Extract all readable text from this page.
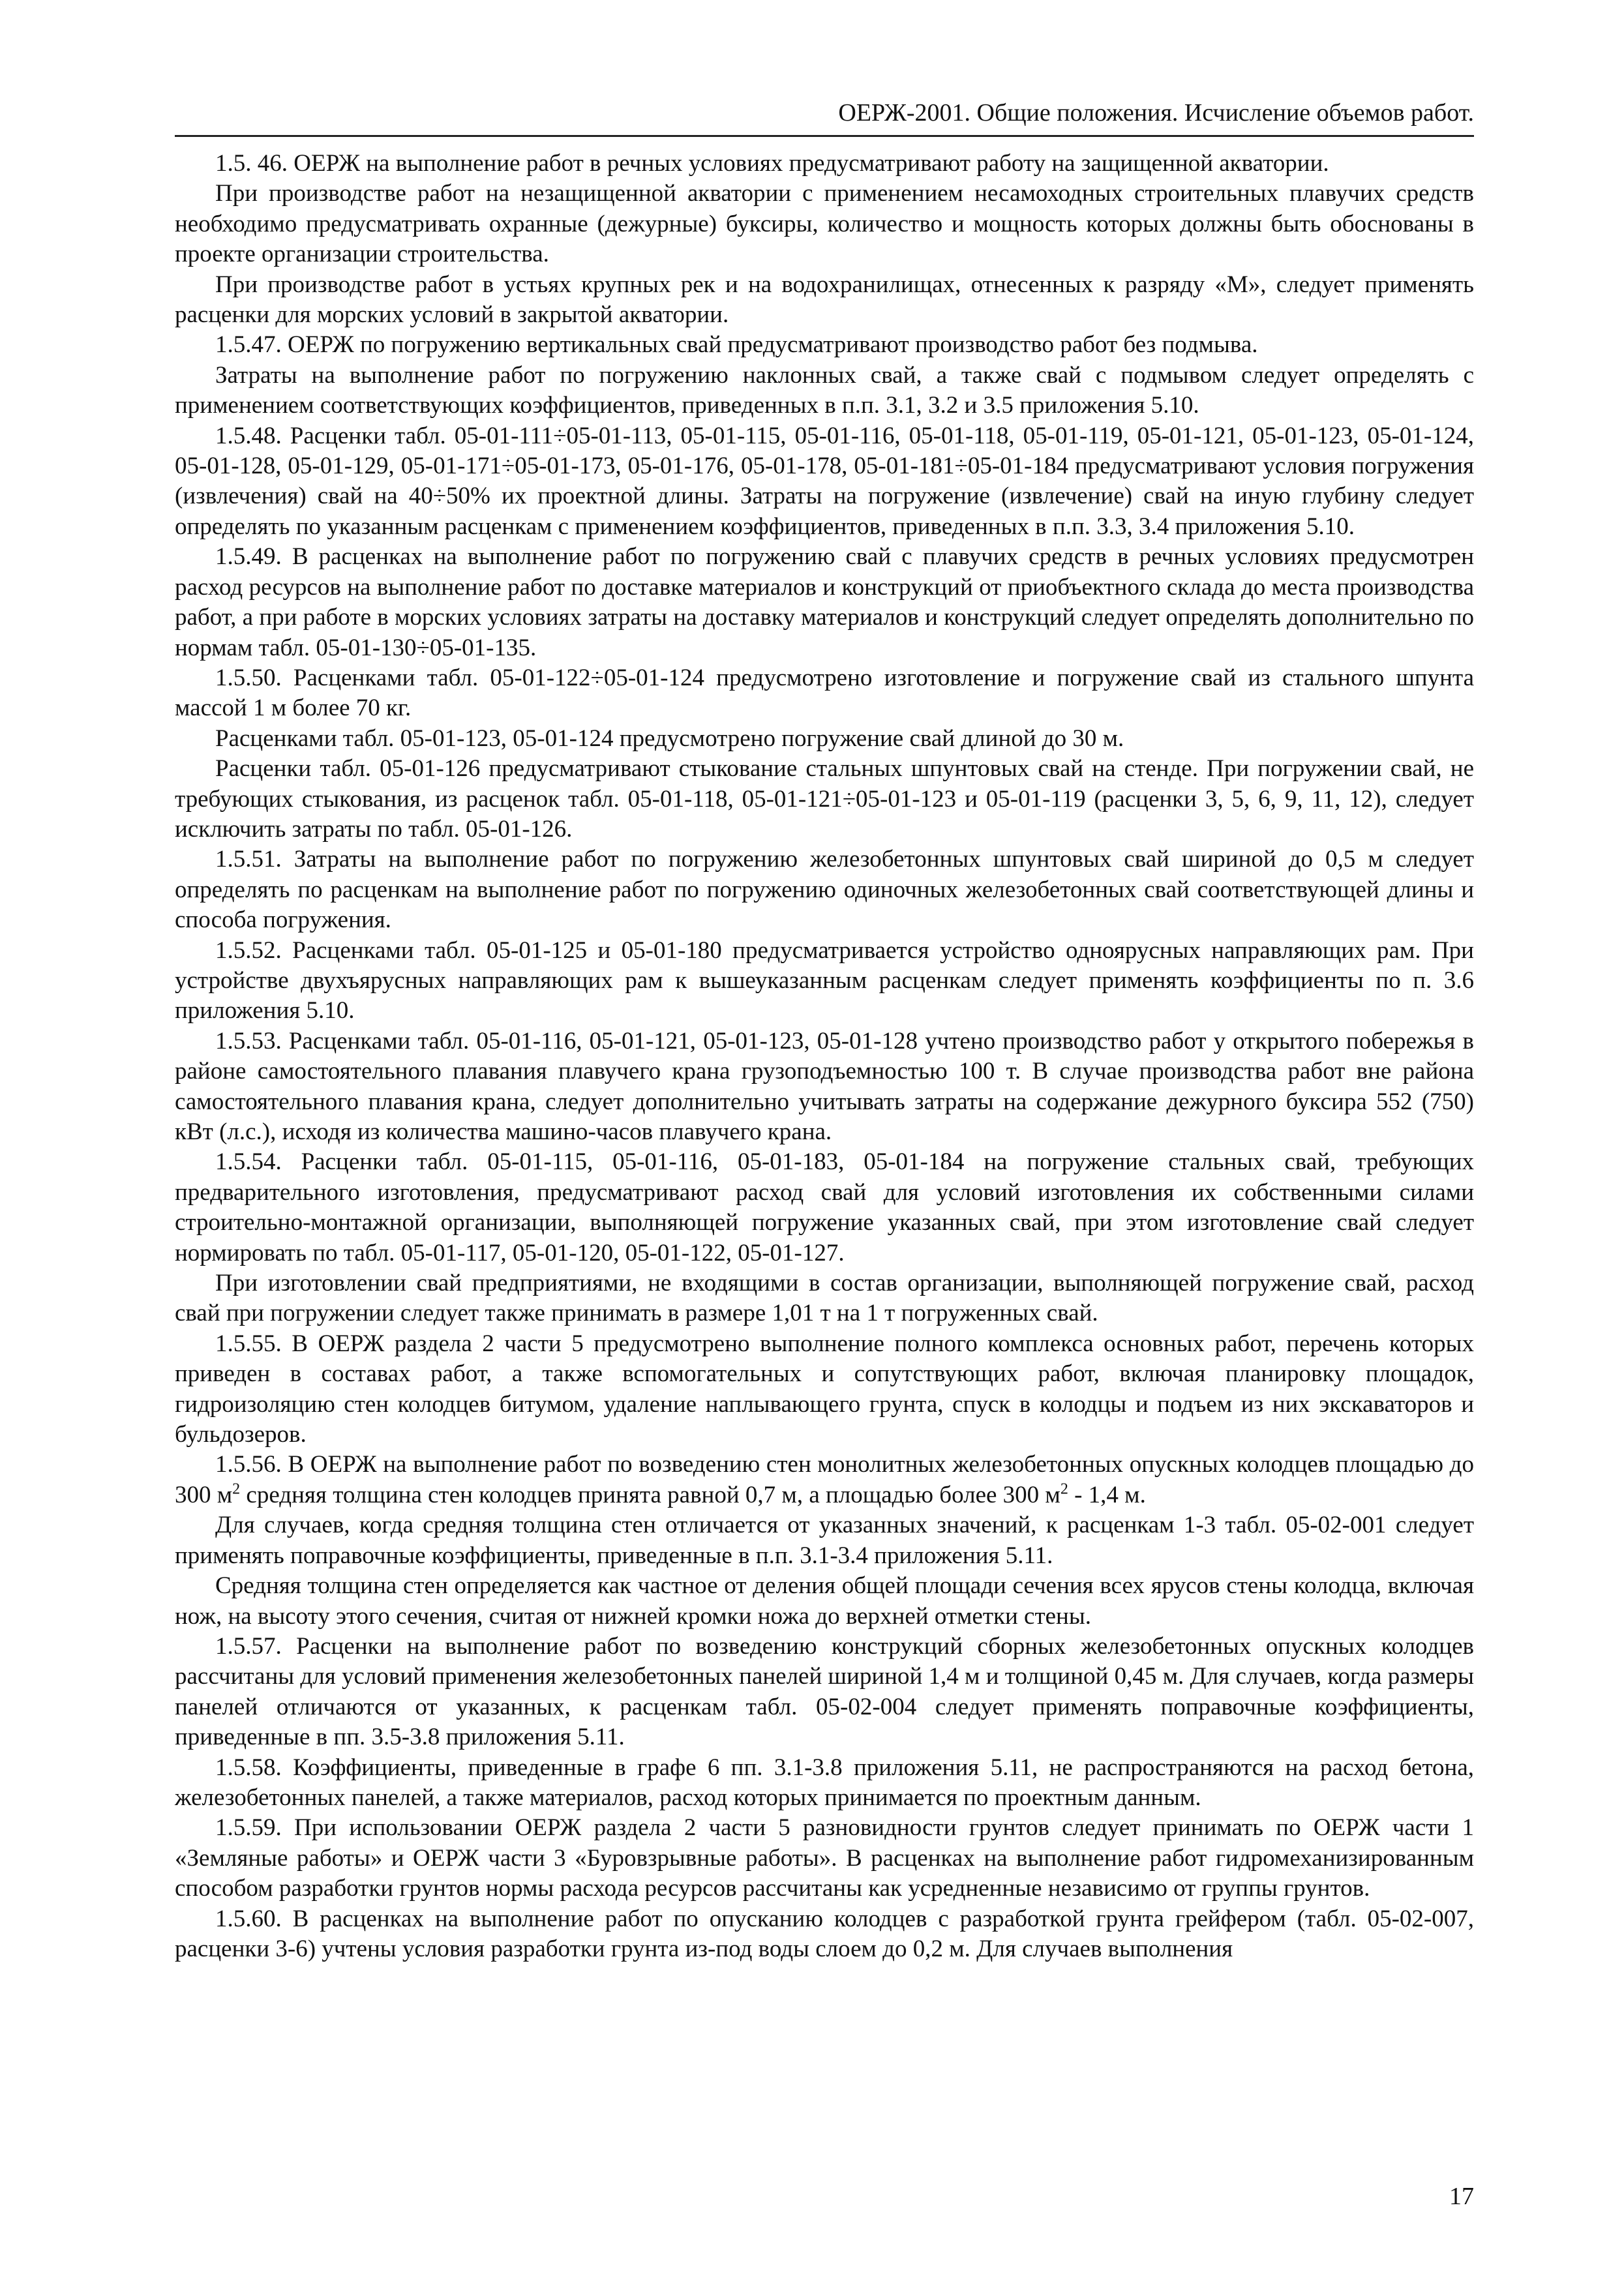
ОЕРЖ-2001. Общие положения. Исчисление объемов работ.

1.5. 46. ОЕРЖ на выполнение работ в речных условиях предусматривают работу на защищенной акватории.

При производстве работ на незащищенной акватории с применением несамоходных строительных плавучих средств необходимо предусматривать охранные (дежурные) буксиры, количество и мощность которых должны быть обоснованы в проекте организации строительства.

При производстве работ в устьях крупных рек и на водохранилищах, отнесенных к разряду «М», следует применять расценки для морских условий в закрытой акватории.

1.5.47. ОЕРЖ по погружению вертикальных свай предусматривают производство работ без подмыва.

Затраты на выполнение работ по погружению наклонных свай, а также свай с подмывом следует определять с применением соответствующих коэффициентов, приведенных в п.п. 3.1, 3.2 и 3.5 приложения 5.10.

1.5.48. Расценки табл. 05-01-111÷05-01-113, 05-01-115, 05-01-116, 05-01-118, 05-01-119, 05-01-121, 05-01-123, 05-01-124, 05-01-128, 05-01-129, 05-01-171÷05-01-173, 05-01-176, 05-01-178, 05-01-181÷05-01-184 предусматривают условия погружения (извлечения) свай на 40÷50% их проектной длины. Затраты на погружение (извлечение) свай на иную глубину следует определять по указанным расценкам с применением коэффициентов, приведенных в п.п. 3.3, 3.4 приложения 5.10.

1.5.49. В расценках на выполнение работ по погружению свай с плавучих средств в речных условиях предусмотрен расход ресурсов на выполнение работ по доставке материалов и конструкций от приобъектного склада до места производства работ, а при работе в морских условиях затраты на доставку материалов и конструкций следует определять дополнительно по нормам табл. 05-01-130÷05-01-135.

1.5.50. Расценками табл. 05-01-122÷05-01-124 предусмотрено изготовление и погружение свай из стального шпунта массой 1 м более 70 кг.

Расценками табл. 05-01-123, 05-01-124 предусмотрено погружение свай длиной до 30 м.

Расценки табл. 05-01-126 предусматривают стыкование стальных шпунтовых свай на стенде. При погружении свай, не требующих стыкования, из расценок табл. 05-01-118, 05-01-121÷05-01-123 и 05-01-119 (расценки 3, 5, 6, 9, 11, 12), следует исключить затраты по табл. 05-01-126.

1.5.51. Затраты на выполнение работ по погружению железобетонных шпунтовых свай шириной до 0,5 м следует определять по расценкам на выполнение работ по погружению одиночных железобетонных свай соответствующей длины и способа погружения.

1.5.52. Расценками табл. 05-01-125 и 05-01-180 предусматривается устройство одноярусных направляющих рам. При устройстве двухъярусных направляющих рам к вышеуказанным расценкам следует применять коэффициенты по п. 3.6 приложения 5.10.

1.5.53. Расценками табл. 05-01-116, 05-01-121, 05-01-123, 05-01-128 учтено производство работ у открытого побережья в районе самостоятельного плавания плавучего крана грузоподъемностью 100 т. В случае производства работ вне района самостоятельного плавания крана, следует дополнительно учитывать затраты на содержание дежурного буксира 552 (750) кВт (л.с.), исходя из количества машино-часов плавучего крана.

1.5.54. Расценки табл. 05-01-115, 05-01-116, 05-01-183, 05-01-184 на погружение стальных свай, требующих предварительного изготовления, предусматривают расход свай для условий изготовления их собственными силами строительно-монтажной организации, выполняющей погружение указанных свай, при этом изготовление свай следует нормировать по табл. 05-01-117, 05-01-120, 05-01-122, 05-01-127.

При изготовлении свай предприятиями, не входящими в состав организации, выполняющей погружение свай, расход свай при погружении следует также принимать в размере 1,01 т на 1 т погруженных свай.

1.5.55. В ОЕРЖ раздела 2 части 5 предусмотрено выполнение полного комплекса основных работ, перечень которых приведен в составах работ, а также вспомогательных и сопутствующих работ, включая планировку площадок, гидроизоляцию стен колодцев битумом, удаление наплывающего грунта, спуск в колодцы и подъем из них экскаваторов и бульдозеров.

1.5.56. В ОЕРЖ на выполнение работ по возведению стен монолитных железобетонных опускных колодцев площадью до 300 $м^2$ средняя толщина стен колодцев принята равной 0,7 м, а площадью более 300 $м^2 - 1,4$ м.

Для случаев, когда средняя толщина стен отличается от указанных значений, к расценкам 1-3 табл. 05-02-001 следует применять поправочные коэффициенты, приведенные в п.п. 3.1-3.4 приложения 5.11.

Средняя толщина стен определяется как частное от деления общей площади сечения всех ярусов стены колодца, включая нож, на высоту этого сечения, считая от нижней кромки ножа до верхней отметки стены.

1.5.57. Расценки на выполнение работ по возведению конструкций сборных железобетонных опускных колодцев рассчитаны для условий применения железобетонных панелей шириной 1,4 м и толщиной 0,45 м. Для случаев, когда размеры панелей отличаются от указанных, к расценкам табл. 05-02-004 следует применять поправочные коэффициенты, приведенные в пп. 3.5-3.8 приложения 5.11.

1.5.58. Коэффициенты, приведенные в графе 6 пп. 3.1-3.8 приложения 5.11, не распространяются на расход бетона, железобетонных панелей, а также материалов, расход которых принимается по проектным данным.

1.5.59. При использовании ОЕРЖ раздела 2 части 5 разновидности грунтов следует принимать по ОЕРЖ части 1 «Земляные работы» и ОЕРЖ части 3 «Буровзрывные работы». В расценках на выполнение работ гидромеханизированным способом разработки грунтов нормы расхода ресурсов рассчитаны как усредненные независимо от группы грунтов.

1.5.60. В расценках на выполнение работ по опусканию колодцев с разработкой грунта грейфером (табл. 05-02-007, расценки 3-6) учтены условия разработки грунта из-под воды слоем до 0,2 м. Для случаев выполнения

17
